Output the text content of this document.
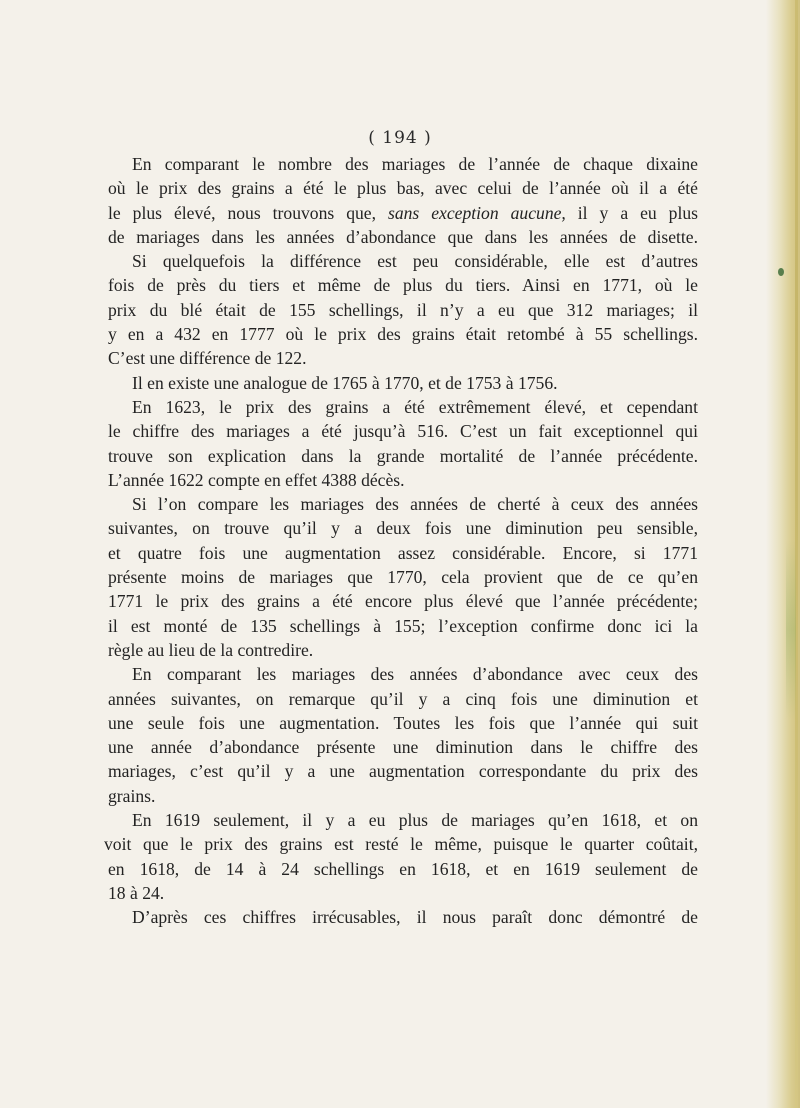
( 194 )
En comparant le nombre des mariages de l’année de chaque dixaine
où le prix des grains a été le plus bas, avec celui de l’année où il a été
le plus élevé, nous trouvons que, sans exception aucune, il y a eu plus
de mariages dans les années d’abondance que dans les années de disette.
Si quelquefois la différence est peu considérable, elle est d’autres
fois de près du tiers et même de plus du tiers. Ainsi en 1771, où le
prix du blé était de 155 schellings, il n’y a eu que 312 mariages; il
y en a 432 en 1777 où le prix des grains était retombé à 55 schellings.
C’est une différence de 122.
Il en existe une analogue de 1765 à 1770, et de 1753 à 1756.
En 1623, le prix des grains a été extrêmement élevé, et cependant
le chiffre des mariages a été jusqu’à 516. C’est un fait exceptionnel qui
trouve son explication dans la grande mortalité de l’année précédente.
L’année 1622 compte en effet 4388 décès.
Si l’on compare les mariages des années de cherté à ceux des années
suivantes, on trouve qu’il y a deux fois une diminution peu sensible,
et quatre fois une augmentation assez considérable. Encore, si 1771
présente moins de mariages que 1770, cela provient que de ce qu’en
1771 le prix des grains a été encore plus élevé que l’année précédente;
il est monté de 135 schellings à 155; l’exception confirme donc ici la
règle au lieu de la contredire.
En comparant les mariages des années d’abondance avec ceux des
années suivantes, on remarque qu’il y a cinq fois une diminution et
une seule fois une augmentation. Toutes les fois que l’année qui suit
une année d’abondance présente une diminution dans le chiffre des
mariages, c’est qu’il y a une augmentation correspondante du prix des
grains.
En 1619 seulement, il y a eu plus de mariages qu’en 1618, et on
voit que le prix des grains est resté le même, puisque le quarter coûtait,
en 1618, de 14 à 24 schellings en 1618, et en 1619 seulement de
18 à 24.
D’après ces chiffres irrécusables, il nous paraît donc démontré de
